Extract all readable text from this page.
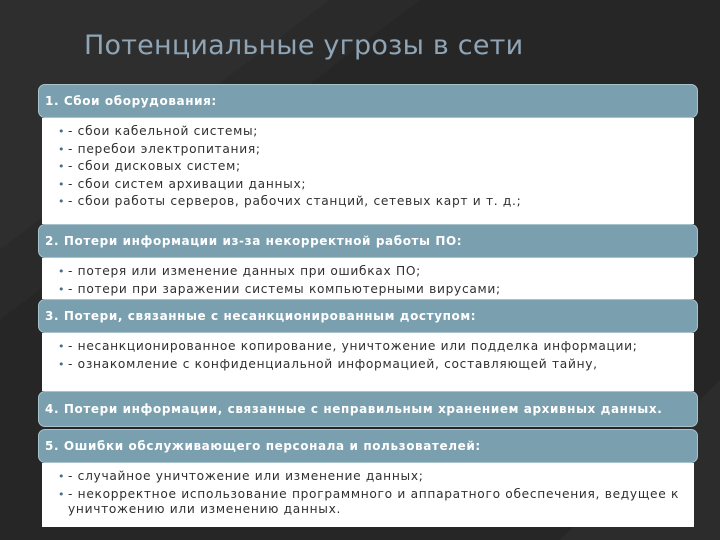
Потенциальные угрозы в сети
1. Сбои оборудования:
• - сбои кабельной системы;
• - перебои электропитания;
• - сбои дисковых систем;
• - сбои систем архивации данных;
• - сбои работы серверов, рабочих станций, сетевых карт и т. д.;
2. Потери информации из-за некорректной работы ПО:
• - потеря или изменение данных при ошибках ПО;
• - потери при заражении системы компьютерными вирусами;
3. Потери, связанные с несанкционированным доступом:
• - несанкционированное копирование, уничтожение или подделка информации;
• - ознакомление с конфиденциальной информацией, составляющей тайну,
4. Потери информации, связанные с неправильным хранением архивных данных.
5. Ошибки обслуживающего персонала и пользователей:
• - случайное уничтожение или изменение данных;
• - некорректное использование программного и аппаратного обеспечения, ведущее к уничтожению или изменению данных.
